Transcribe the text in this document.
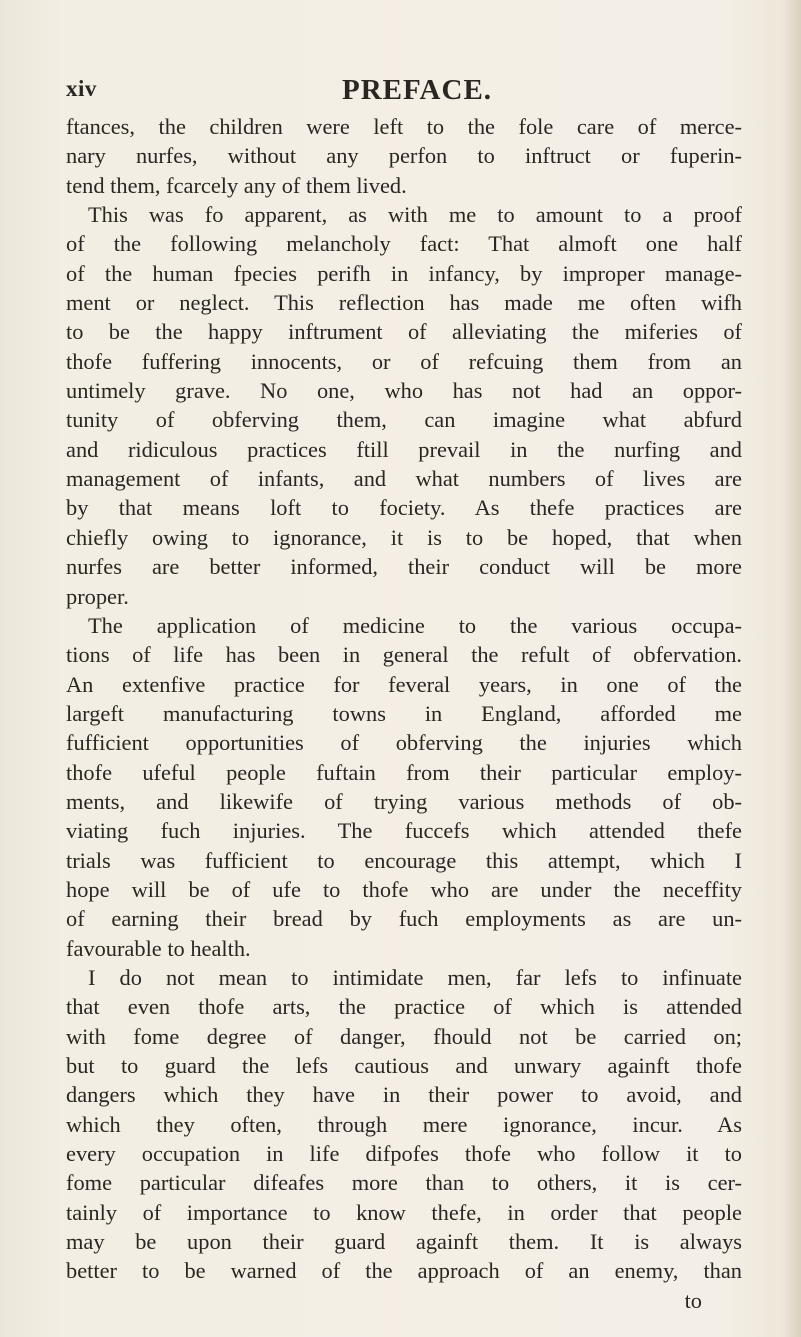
xiv	PREFACE.
ftances, the children were left to the fole care of merce-
nary nurfes, without any perfon to inftruct or fuperin-
tend them, fcarcely any of them lived.
This was fo apparent, as with me to amount to a proof
of the following melancholy fact: That almoft one half
of the human fpecies perifh in infancy, by improper manage-
ment or neglect. This reflection has made me often wifh
to be the happy inftrument of alleviating the miferies of
thofe fuffering innocents, or of refcuing them from an
untimely grave. No one, who has not had an oppor-
tunity of obferving them, can imagine what abfurd
and ridiculous practices ftill prevail in the nurfing and
management of infants, and what numbers of lives are
by that means loft to fociety. As thefe practices are
chiefly owing to ignorance, it is to be hoped, that when
nurfes are better informed, their conduct will be more
proper.
The application of medicine to the various occupa-
tions of life has been in general the refult of obfervation.
An extenfive practice for feveral years, in one of the
largeft manufacturing towns in England, afforded me
fufficient opportunities of obferving the injuries which
thofe ufeful people fuftain from their particular employ-
ments, and likewife of trying various methods of ob-
viating fuch injuries. The fuccefs which attended thefe
trials was fufficient to encourage this attempt, which I
hope will be of ufe to thofe who are under the neceffity
of earning their bread by fuch employments as are un-
favourable to health.
I do not mean to intimidate men, far lefs to infinuate
that even thofe arts, the practice of which is attended
with fome degree of danger, fhould not be carried on;
but to guard the lefs cautious and unwary againft thofe
dangers which they have in their power to avoid, and
which they often, through mere ignorance, incur. As
every occupation in life difpofes thofe who follow it to
fome particular difeafes more than to others, it is cer-
tainly of importance to know thefe, in order that people
may be upon their guard againft them. It is always
better to be warned of the approach of an enemy, than
to
